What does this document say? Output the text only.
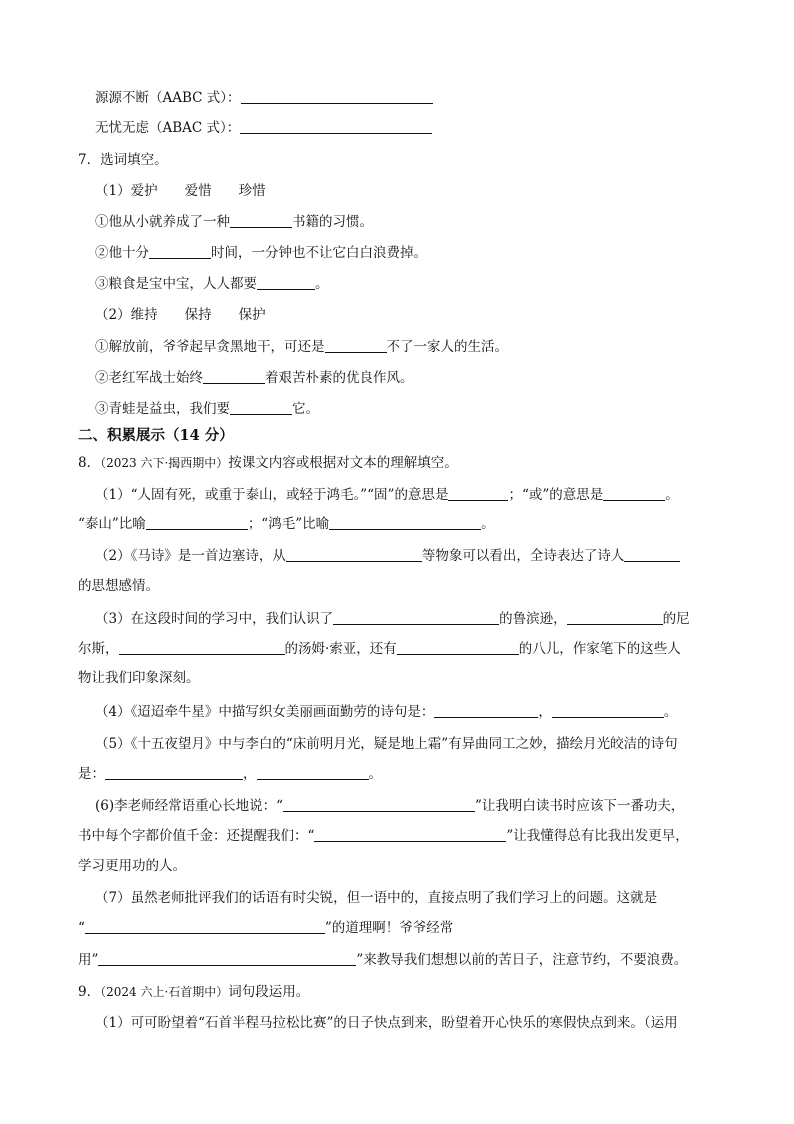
源源不断（AABC 式）：
无忧无虑（ABAC 式）：
7．选词填空。
（1）爱护　　爱惜　　珍惜
①他从小就养成了一种	书籍的习惯。
②他十分	时间，一分钟也不让它白白浪费掉。
③粮食是宝中宝，人人都要	。
（2）维持　　保持　　保护
①解放前，爷爷起早贪黑地干，可还是	不了一家人的生活。
②老红军战士始终	着艰苦朴素的优良作风。
③青蛙是益虫，我们要	它。
二、积累展示（14 分）
8．（2023 六下·揭西期中）按课文内容或根据对文本的理解填空。
（1）“人固有死，或重于泰山，或轻于鸿毛。”“固”的意思是	；“或”的意思是	。
“泰山”比喻	；“鸿毛”比喻	。
（2）《马诗》是一首边塞诗，从	等物象可以看出，全诗表达了诗人
的思想感情。
（3）在这段时间的学习中，我们认识了	的鲁滨逊，	的尼
尔斯，	的汤姆·索亚，还有	的八儿，作家笔下的这些人
物让我们印象深刻。
（4）《迢迢牵牛星》中描写织女美丽画面勤劳的诗句是：	，	。
（5）《十五夜望月》中与李白的“床前明月光，疑是地上霜”有异曲同工之妙，描绘月光皎洁的诗句
是：	，	。
(6)李老师经常语重心长地说：“	”让我明白读书时应该下一番功夫，
书中每个字都价值千金：还提醒我们：“	”让我懂得总有比我出发更早，
学习更用功的人。
（7）虽然老师批评我们的话语有时尖锐，但一语中的，直接点明了我们学习上的问题。这就是
“	”的道理啊！爷爷经常
用”	”来教导我们想想以前的苦日子，注意节约，不要浪费。
9．（2024 六上·石首期中）词句段运用。
（1）可可盼望着“石首半程马拉松比赛”的日子快点到来，盼望着开心快乐的寒假快点到来。（运用
